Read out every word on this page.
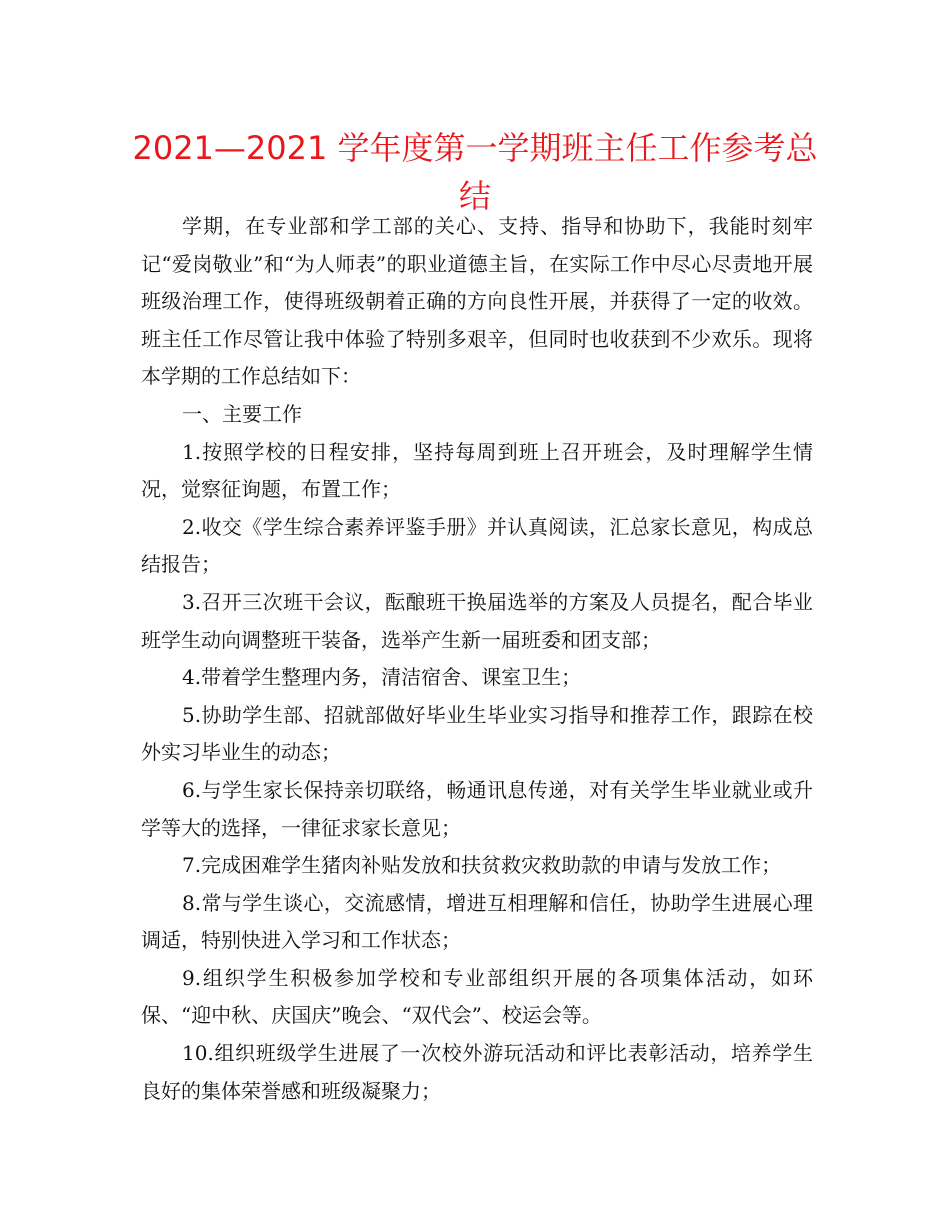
2021—2021 学年度第一学期班主任工作参考总结

学期，在专业部和学工部的关心、支持、指导和协助下，我能时刻牢记“爱岗敬业”和“为人师表”的职业道德主旨，在实际工作中尽心尽责地开展班级治理工作，使得班级朝着正确的方向良性开展，并获得了一定的收效。班主任工作尽管让我中体验了特别多艰辛，但同时也收获到不少欢乐。现将本学期的工作总结如下：

一、主要工作

1.按照学校的日程安排，坚持每周到班上召开班会，及时理解学生情况，觉察征询题，布置工作；

2.收交《学生综合素养评鉴手册》并认真阅读，汇总家长意见，构成总结报告；

3.召开三次班干会议，酝酿班干换届选举的方案及人员提名，配合毕业班学生动向调整班干装备，选举产生新一届班委和团支部；

4.带着学生整理内务，清洁宿舍、课室卫生；

5.协助学生部、招就部做好毕业生毕业实习指导和推荐工作，跟踪在校外实习毕业生的动态；

6.与学生家长保持亲切联络，畅通讯息传递，对有关学生毕业就业或升学等大的选择，一律征求家长意见；

7.完成困难学生猪肉补贴发放和扶贫救灾救助款的申请与发放工作；

8.常与学生谈心，交流感情，增进互相理解和信任，协助学生进展心理调适，特别快进入学习和工作状态；

9.组织学生积极参加学校和专业部组织开展的各项集体活动，如环保、“迎中秋、庆国庆”晚会、“双代会”、校运会等。

10.组织班级学生进展了一次校外游玩活动和评比表彰活动，培养学生良好的集体荣誉感和班级凝聚力；
